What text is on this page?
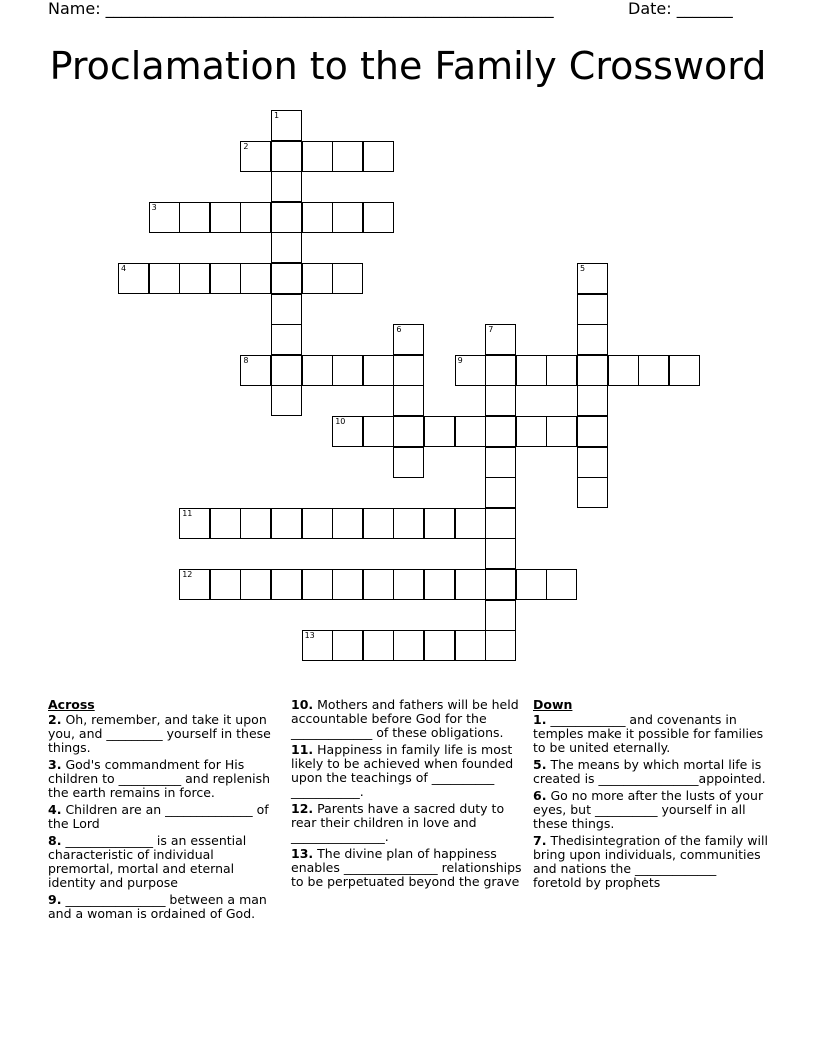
Name: ________________________________________________________	Date: _______
Proclamation to the Family Crossword
1
2
3
4	5
6	7
8	9
10
11
12
13
Across
2. Oh, remember, and take it upon you, and _________ yourself in these things.
3. God's commandment for His children to __________ and replenish the earth remains in force.
4. Children are an ______________ of the Lord
8. ______________ is an essential characteristic of individual premortal, mortal and eternal identity and purpose
9. ________________ between a man and a woman is ordained of God.
10. Mothers and fathers will be held accountable before God for the _____________ of these obligations.
11. Happiness in family life is most likely to be achieved when founded upon the teachings of __________ ___________.
12. Parents have a sacred duty to rear their children in love and _______________.
13. The divine plan of happiness enables _______________ relationships to be perpetuated beyond the grave
Down
1. ____________ and covenants in temples make it possible for families to be united eternally.
5. The means by which mortal life is created is ________________appointed.
6. Go no more after the lusts of your eyes, but __________ yourself in all these things.
7. Thedisintegration of the family will bring upon individuals, communities and nations the _____________ foretold by prophets
